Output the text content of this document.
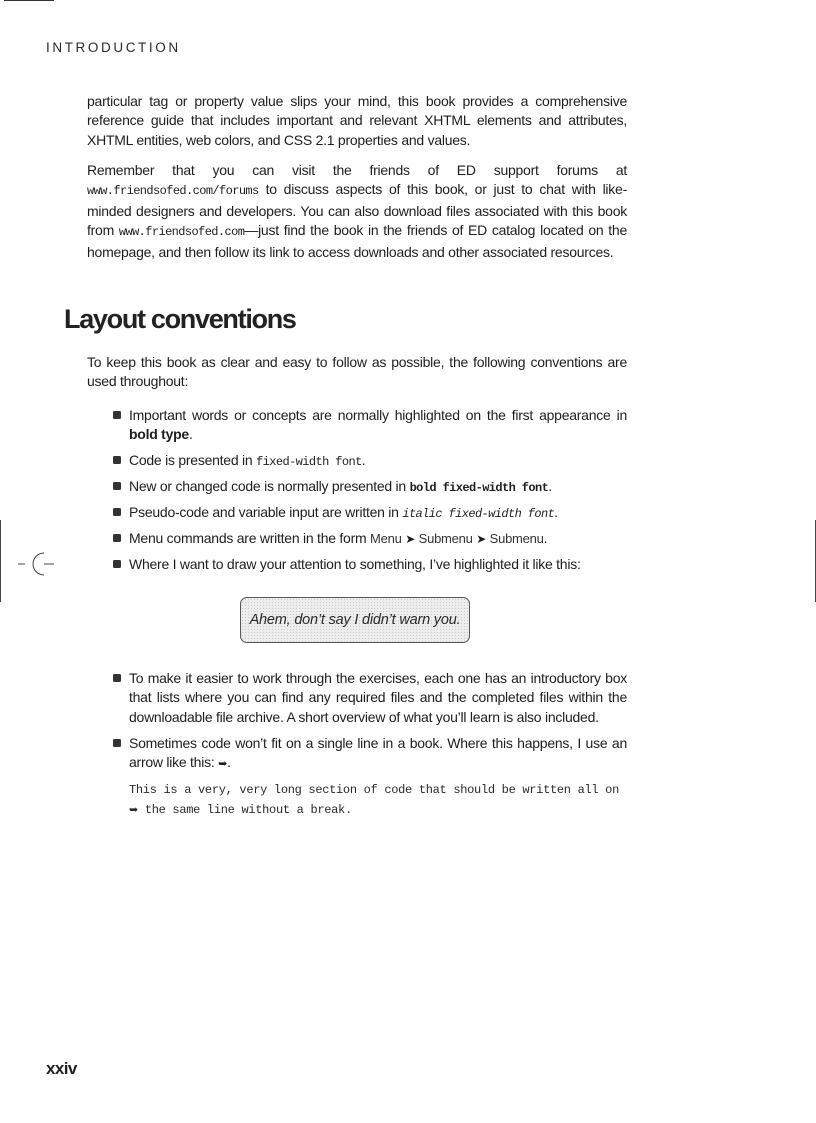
INTRODUCTION

particular tag or property value slips your mind, this book provides a comprehensive reference guide that includes important and relevant XHTML elements and attributes, XHTML entities, web colors, and CSS 2.1 properties and values.

Remember that you can visit the friends of ED support forums at www.friendsofed.com/forums to discuss aspects of this book, or just to chat with like-minded designers and developers. You can also download files associated with this book from www.friendsofed.com—just find the book in the friends of ED catalog located on the homepage, and then follow its link to access downloads and other associated resources.

Layout conventions

To keep this book as clear and easy to follow as possible, the following conventions are used throughout:

Important words or concepts are normally highlighted on the first appearance in bold type.
Code is presented in fixed-width font.
New or changed code is normally presented in bold fixed-width font.
Pseudo-code and variable input are written in italic fixed-width font.
Menu commands are written in the form Menu ➤ Submenu ➤ Submenu.
Where I want to draw your attention to something, I’ve highlighted it like this:
Ahem, don’t say I didn’t warn you.
To make it easier to work through the exercises, each one has an introductory box that lists where you can find any required files and the completed files within the downloadable file archive. A short overview of what you’ll learn is also included.
Sometimes code won’t fit on a single line in a book. Where this happens, I use an arrow like this: ➥.
This is a very, very long section of code that should be written all on
➥ the same line without a break.
xxiv
